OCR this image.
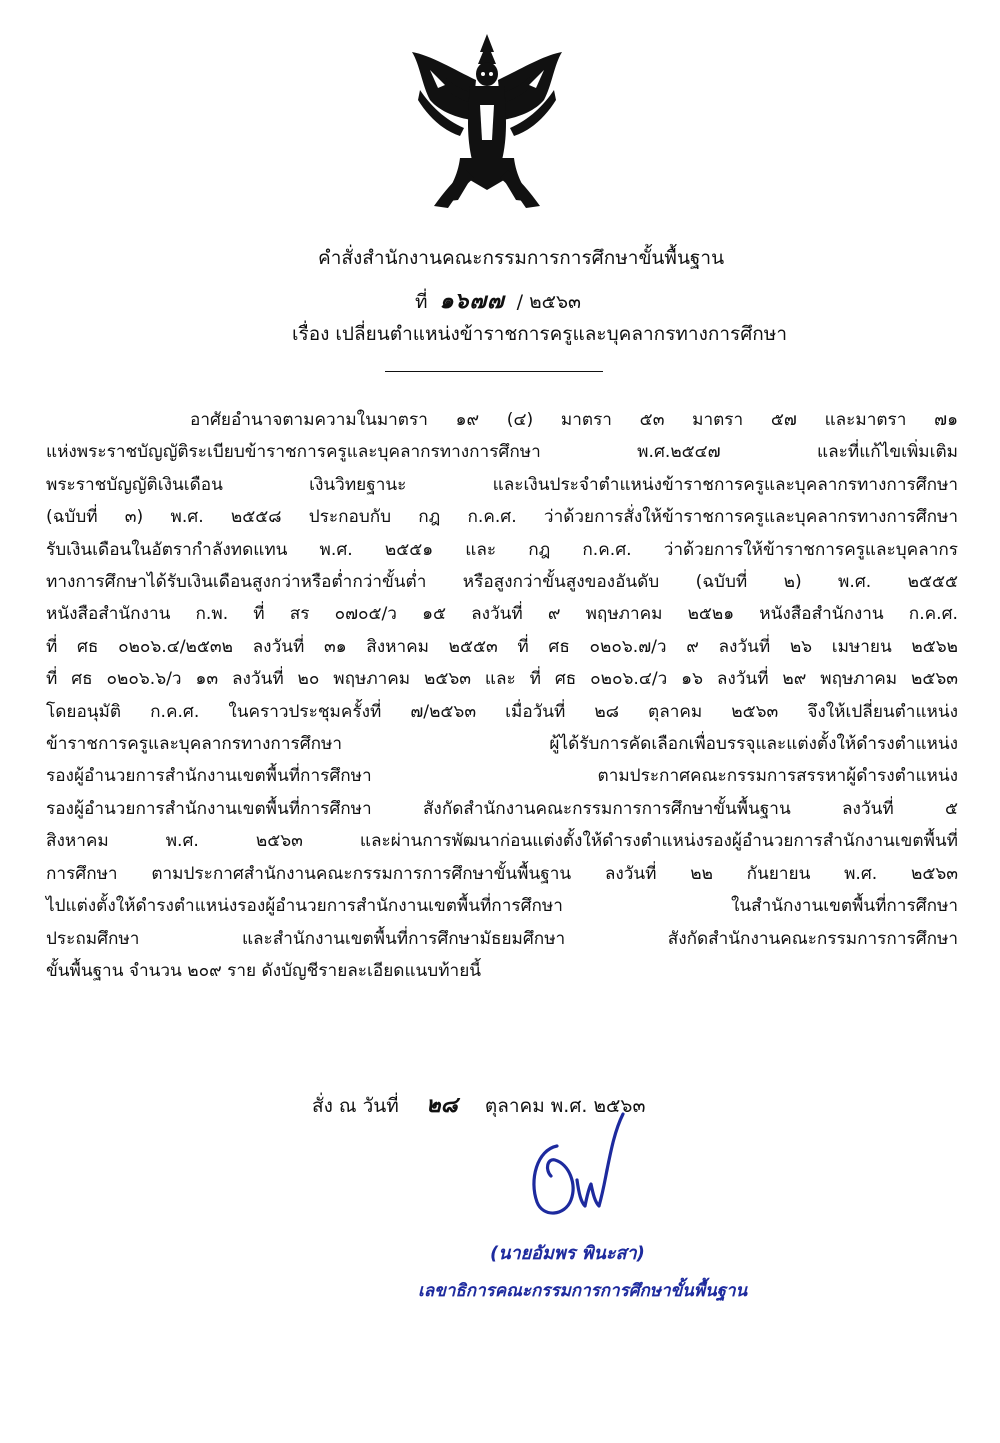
คำสั่งสำนักงานคณะกรรมการการศึกษาขั้นพื้นฐาน
ที่ ๑๖๗๗ / ๒๕๖๓
เรื่อง เปลี่ยนตำแหน่งข้าราชการครูและบุคลากรทางการศึกษา
อาศัยอำนาจตามความในมาตรา ๑๙ (๔) มาตรา ๕๓ มาตรา ๕๗ และมาตรา ๗๑
แห่งพระราชบัญญัติระเบียบข้าราชการครูและบุคลากรทางการศึกษา พ.ศ.๒๕๔๗ และที่แก้ไขเพิ่มเติม
พระราชบัญญัติเงินเดือน เงินวิทยฐานะ และเงินประจำตำแหน่งข้าราชการครูและบุคลากรทางการศึกษา
(ฉบับที่ ๓) พ.ศ. ๒๕๕๘ ประกอบกับ กฎ ก.ค.ศ. ว่าด้วยการสั่งให้ข้าราชการครูและบุคลากรทางการศึกษา
รับเงินเดือนในอัตรากำลังทดแทน พ.ศ. ๒๕๕๑ และ กฎ ก.ค.ศ. ว่าด้วยการให้ข้าราชการครูและบุคลากร
ทางการศึกษาได้รับเงินเดือนสูงกว่าหรือต่ำกว่าขั้นต่ำ หรือสูงกว่าขั้นสูงของอันดับ (ฉบับที่ ๒) พ.ศ. ๒๕๕๕
หนังสือสำนักงาน ก.พ. ที่ สร ๐๗๐๕/ว ๑๕ ลงวันที่ ๙ พฤษภาคม ๒๕๒๑ หนังสือสำนักงาน ก.ค.ศ.
ที่ ศธ ๐๒๐๖.๔/๒๕๓๒ ลงวันที่ ๓๑ สิงหาคม ๒๕๕๓ ที่ ศธ ๐๒๐๖.๗/ว ๙ ลงวันที่ ๒๖ เมษายน ๒๕๖๒
ที่ ศธ ๐๒๐๖.๖/ว ๑๓ ลงวันที่ ๒๐ พฤษภาคม ๒๕๖๓ และ ที่ ศธ ๐๒๐๖.๔/ว ๑๖ ลงวันที่ ๒๙ พฤษภาคม ๒๕๖๓
โดยอนุมัติ ก.ค.ศ. ในคราวประชุมครั้งที่ ๗/๒๕๖๓ เมื่อวันที่ ๒๘ ตุลาคม ๒๕๖๓ จึงให้เปลี่ยนตำแหน่ง
ข้าราชการครูและบุคลากรทางการศึกษา ผู้ได้รับการคัดเลือกเพื่อบรรจุและแต่งตั้งให้ดำรงตำแหน่ง
รองผู้อำนวยการสำนักงานเขตพื้นที่การศึกษา ตามประกาศคณะกรรมการสรรหาผู้ดำรงตำแหน่ง
รองผู้อำนวยการสำนักงานเขตพื้นที่การศึกษา สังกัดสำนักงานคณะกรรมการการศึกษาขั้นพื้นฐาน ลงวันที่ ๕
สิงหาคม พ.ศ. ๒๕๖๓ และผ่านการพัฒนาก่อนแต่งตั้งให้ดำรงตำแหน่งรองผู้อำนวยการสำนักงานเขตพื้นที่
การศึกษา ตามประกาศสำนักงานคณะกรรมการการศึกษาขั้นพื้นฐาน ลงวันที่ ๒๒ กันยายน พ.ศ. ๒๕๖๓
ไปแต่งตั้งให้ดำรงตำแหน่งรองผู้อำนวยการสำนักงานเขตพื้นที่การศึกษา ในสำนักงานเขตพื้นที่การศึกษา
ประถมศึกษา และสำนักงานเขตพื้นที่การศึกษามัธยมศึกษา สังกัดสำนักงานคณะกรรมการการศึกษา
ขั้นพื้นฐาน จำนวน ๒๐๙ ราย ดังบัญชีรายละเอียดแนบท้ายนี้
สั่ง ณ วันที่ ๒๘ ตุลาคม พ.ศ. ๒๕๖๓
(นายอัมพร พินะสา)
เลขาธิการคณะกรรมการการศึกษาขั้นพื้นฐาน
